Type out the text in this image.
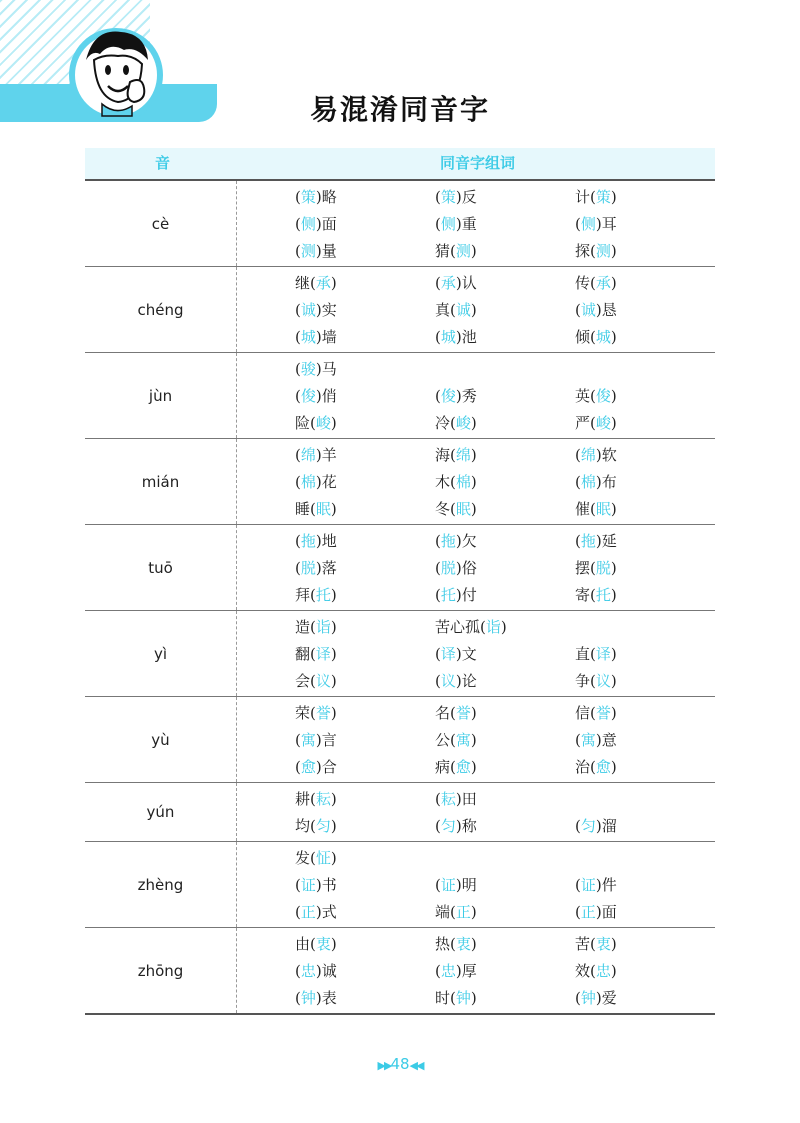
易混淆同音字
音	同音字组词
cè
(策)略	(策)反	计(策)
(侧)面	(侧)重	(侧)耳
(测)量	猜(测)	探(测)
chéng
继(承)	(承)认	传(承)
(诚)实	真(诚)	(诚)恳
(城)墙	(城)池	倾(城)
jùn
(骏)马
(俊)俏	(俊)秀	英(俊)
险(峻)	冷(峻)	严(峻)
mián
(绵)羊	海(绵)	(绵)软
(棉)花	木(棉)	(棉)布
睡(眠)	冬(眠)	催(眠)
tuō
(拖)地	(拖)欠	(拖)延
(脱)落	(脱)俗	摆(脱)
拜(托)	(托)付	寄(托)
yì
造(诣)	苦心孤(诣)
翻(译)	(译)文	直(译)
会(议)	(议)论	争(议)
yù
荣(誉)	名(誉)	信(誉)
(寓)言	公(寓)	(寓)意
(愈)合	病(愈)	治(愈)
yún
耕(耘)	(耘)田
均(匀)	(匀)称	(匀)溜
zhèng
发(怔)
(证)书	(证)明	(证)件
(正)式	端(正)	(正)面
zhōng
由(衷)	热(衷)	苦(衷)
(忠)诚	(忠)厚	效(忠)
(钟)表	时(钟)	(钟)爱
▶▶48◀◀
